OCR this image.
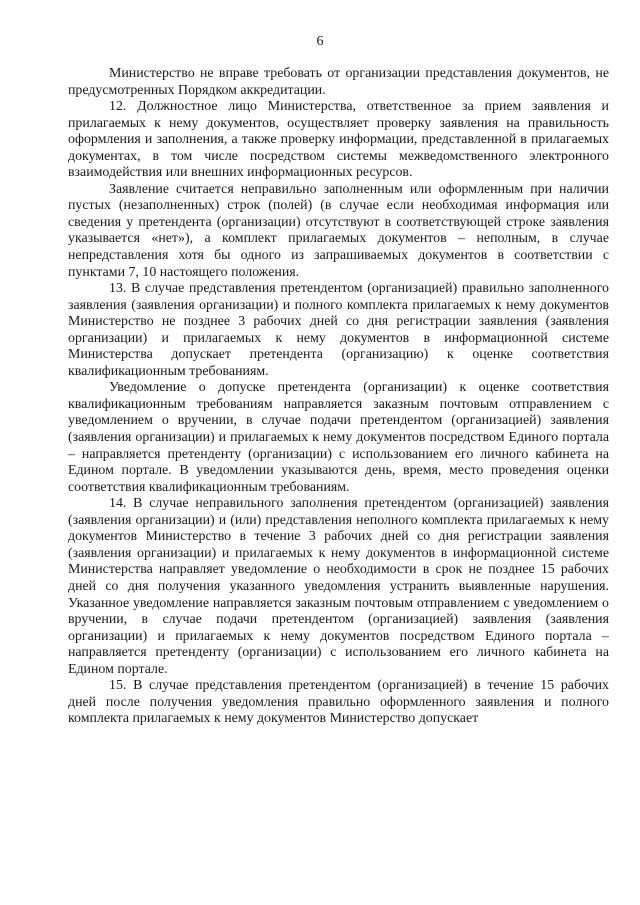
6

Министерство не вправе требовать от организации представления документов, не предусмотренных Порядком аккредитации.

12. Должностное лицо Министерства, ответственное за прием заявления и прилагаемых к нему документов, осуществляет проверку заявления на правильность оформления и заполнения, а также проверку информации, представленной в прилагаемых документах, в том числе посредством системы межведомственного электронного взаимодействия или внешних информационных ресурсов.

Заявление считается неправильно заполненным или оформленным при наличии пустых (незаполненных) строк (полей) (в случае если необходимая информация или сведения у претендента (организации) отсутствуют в соответствующей строке заявления указывается «нет»), а комплект прилагаемых документов – неполным, в случае непредставления хотя бы одного из запрашиваемых документов в соответствии с пунктами 7, 10 настоящего положения.

13. В случае представления претендентом (организацией) правильно заполненного заявления (заявления организации) и полного комплекта прилагаемых к нему документов Министерство не позднее 3 рабочих дней со дня регистрации заявления (заявления организации) и прилагаемых к нему документов в информационной системе Министерства допускает претендента (организацию) к оценке соответствия квалификационным требованиям.

Уведомление о допуске претендента (организации) к оценке соответствия квалификационным требованиям направляется заказным почтовым отправлением с уведомлением о вручении, в случае подачи претендентом (организацией) заявления (заявления организации) и прилагаемых к нему документов посредством Единого портала – направляется претенденту (организации) с использованием его личного кабинета на Едином портале. В уведомлении указываются день, время, место проведения оценки соответствия квалификационным требованиям.

14. В случае неправильного заполнения претендентом (организацией) заявления (заявления организации) и (или) представления неполного комплекта прилагаемых к нему документов Министерство в течение 3 рабочих дней со дня регистрации заявления (заявления организации) и прилагаемых к нему документов в информационной системе Министерства направляет уведомление о необходимости в срок не позднее 15 рабочих дней со дня получения указанного уведомления устранить выявленные нарушения. Указанное уведомление направляется заказным почтовым отправлением с уведомлением о вручении, в случае подачи претендентом (организацией) заявления (заявления организации) и прилагаемых к нему документов посредством Единого портала – направляется претенденту (организации) с использованием его личного кабинета на Едином портале.

15. В случае представления претендентом (организацией) в течение 15 рабочих дней после получения уведомления правильно оформленного заявления и полного комплекта прилагаемых к нему документов Министерство допускает
